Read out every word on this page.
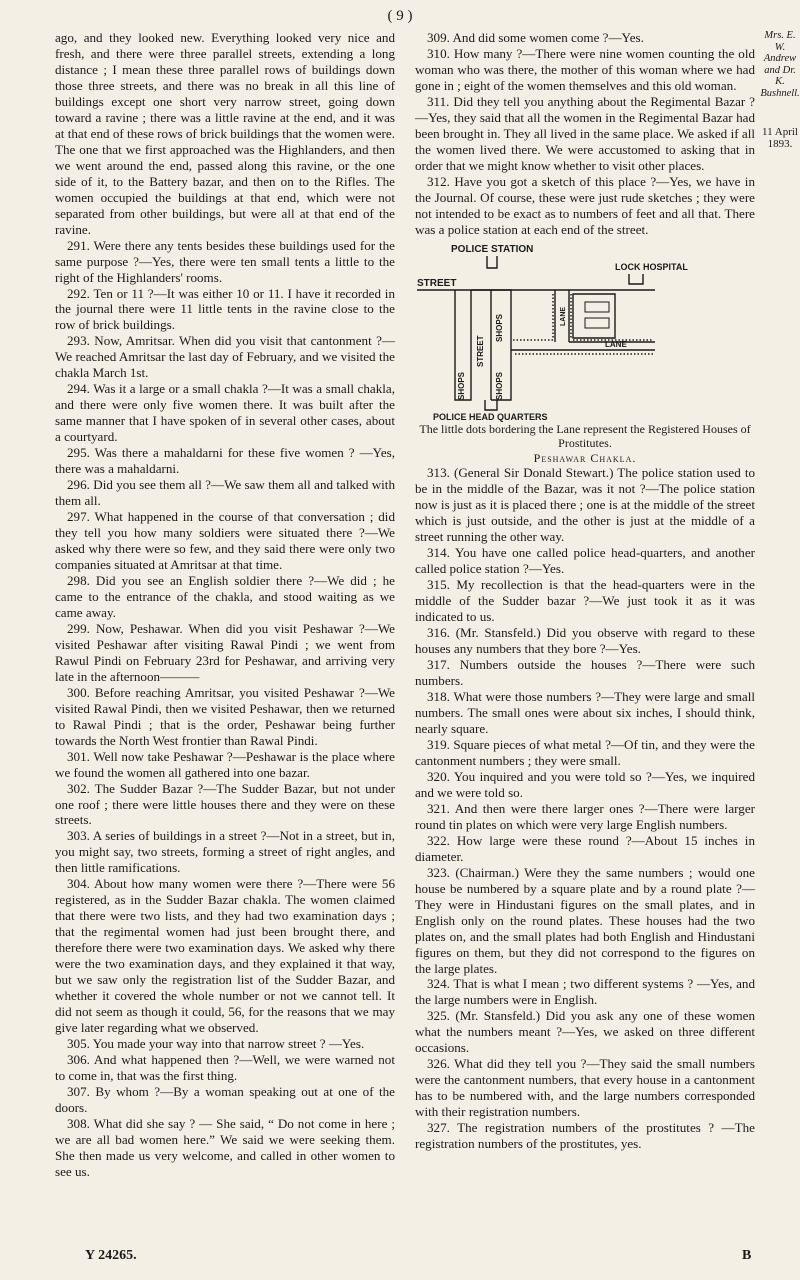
( 9 )

ago, and they looked new. Everything looked very nice and fresh, and there were three parallel streets, extending a long distance ; I mean these three parallel rows of buildings down those three streets, and there was no break in all this line of buildings except one short very narrow street, going down toward a ravine ; there was a little ravine at the end, and it was at that end of these rows of brick buildings that the women were. The one that we first approached was the Highlanders, and then we went around the end, passed along this ravine, or the one side of it, to the Battery bazar, and then on to the Rifles. The women occupied the buildings at that end, which were not separated from other buildings, but were all at that end of the ravine.

291. Were there any tents besides these buildings used for the same purpose ?—Yes, there were ten small tents a little to the right of the Highlanders' rooms.

292. Ten or 11 ?—It was either 10 or 11. I have it recorded in the journal there were 11 little tents in the ravine close to the row of brick buildings.

293. Now, Amritsar. When did you visit that cantonment ?—We reached Amritsar the last day of February, and we visited the chakla March 1st.

294. Was it a large or a small chakla ?—It was a small chakla, and there were only five women there. It was built after the same manner that I have spoken of in several other cases, about a courtyard.

295. Was there a mahaldarni for these five women ? —Yes, there was a mahaldarni.

296. Did you see them all ?—We saw them all and talked with them all.

297. What happened in the course of that conversation ; did they tell you how many soldiers were situated there ?—We asked why there were so few, and they said there were only two companies situated at Amritsar at that time.

298. Did you see an English soldier there ?—We did ; he came to the entrance of the chakla, and stood waiting as we came away.

299. Now, Peshawar. When did you visit Peshawar ?—We visited Peshawar after visiting Rawal Pindi ; we went from Rawul Pindi on February 23rd for Peshawar, and arriving very late in the afternoon———

300. Before reaching Amritsar, you visited Peshawar ?—We visited Rawal Pindi, then we visited Peshawar, then we returned to Rawal Pindi ; that is the order, Peshawar being further towards the North West frontier than Rawal Pindi.

301. Well now take Peshawar ?—Peshawar is the place where we found the women all gathered into one bazar.

302. The Sudder Bazar ?—The Sudder Bazar, but not under one roof ; there were little houses there and they were on these streets.

303. A series of buildings in a street ?—Not in a street, but in, you might say, two streets, forming a street of right angles, and then little ramifications.

304. About how many women were there ?—There were 56 registered, as in the Sudder Bazar chakla. The women claimed that there were two lists, and they had two examination days ; that the regimental women had just been brought there, and therefore there were two examination days. We asked why there were the two examination days, and they explained it that way, but we saw only the registration list of the Sudder Bazar, and whether it covered the whole number or not we cannot tell. It did not seem as though it could, 56, for the reasons that we may give later regarding what we observed.

305. You made your way into that narrow street ? —Yes.

306. And what happened then ?—Well, we were warned not to come in, that was the first thing.

307. By whom ?—By a woman speaking out at one of the doors.

308. What did she say ? — She said, “ Do not come in here ; we are all bad women here.” We said we were seeking them. She then made us very welcome, and called in other women to see us.

309. And did some women come ?—Yes.

310. How many ?—There were nine women counting the old woman who was there, the mother of this woman where we had gone in ; eight of the women themselves and this old woman.

311. Did they tell you anything about the Regimental Bazar ?—Yes, they said that all the women in the Regimental Bazar had been brought in. They all lived in the same place. We asked if all the women lived there. We were accustomed to asking that in order that we might know whether to visit other places.

312. Have you got a sketch of this place ?—Yes, we have in the Journal. Of course, these were just rude sketches ; they were not intended to be exact as to numbers of feet and all that. There was a police station at each end of the street.

POLICE STATION
LOCK HOSPITAL
STREET
POLICE HEAD QUARTERS
LANE
STREET
SHOPS
SHOPS	SHOPS
LANE

The little dots bordering the Lane represent the Registered Houses of Prostitutes.

Peshawar Chakla.

313. (General Sir Donald Stewart.) The police station used to be in the middle of the Bazar, was it not ?—The police station now is just as it is placed there ; one is at the middle of the street which is just outside, and the other is just at the middle of a street running the other way.

314. You have one called police head-quarters, and another called police station ?—Yes.

315. My recollection is that the head-quarters were in the middle of the Sudder bazar ?—We just took it as it was indicated to us.

316. (Mr. Stansfeld.) Did you observe with regard to these houses any numbers that they bore ?—Yes.

317. Numbers outside the houses ?—There were such numbers.

318. What were those numbers ?—They were large and small numbers. The small ones were about six inches, I should think, nearly square.

319. Square pieces of what metal ?—Of tin, and they were the cantonment numbers ; they were small.

320. You inquired and you were told so ?—Yes, we inquired and we were told so.

321. And then were there larger ones ?—There were larger round tin plates on which were very large English numbers.

322. How large were these round ?—About 15 inches in diameter.

323. (Chairman.) Were they the same numbers ; would one house be numbered by a square plate and by a round plate ?—They were in Hindustani figures on the small plates, and in English only on the round plates. These houses had the two plates on, and the small plates had both English and Hindustani figures on them, but they did not correspond to the figures on the large plates.

324. That is what I mean ; two different systems ? —Yes, and the large numbers were in English.

325. (Mr. Stansfeld.) Did you ask any one of these women what the numbers meant ?—Yes, we asked on three different occasions.

326. What did they tell you ?—They said the small numbers were the cantonment numbers, that every house in a cantonment has to be numbered with, and the large numbers corresponded with their registration numbers.

327. The registration numbers of the prostitutes ? —The registration numbers of the prostitutes, yes.

Mrs. E. W. Andrew and Dr. K. Bushnell.
11 April 1893.
Y 24265.	B
